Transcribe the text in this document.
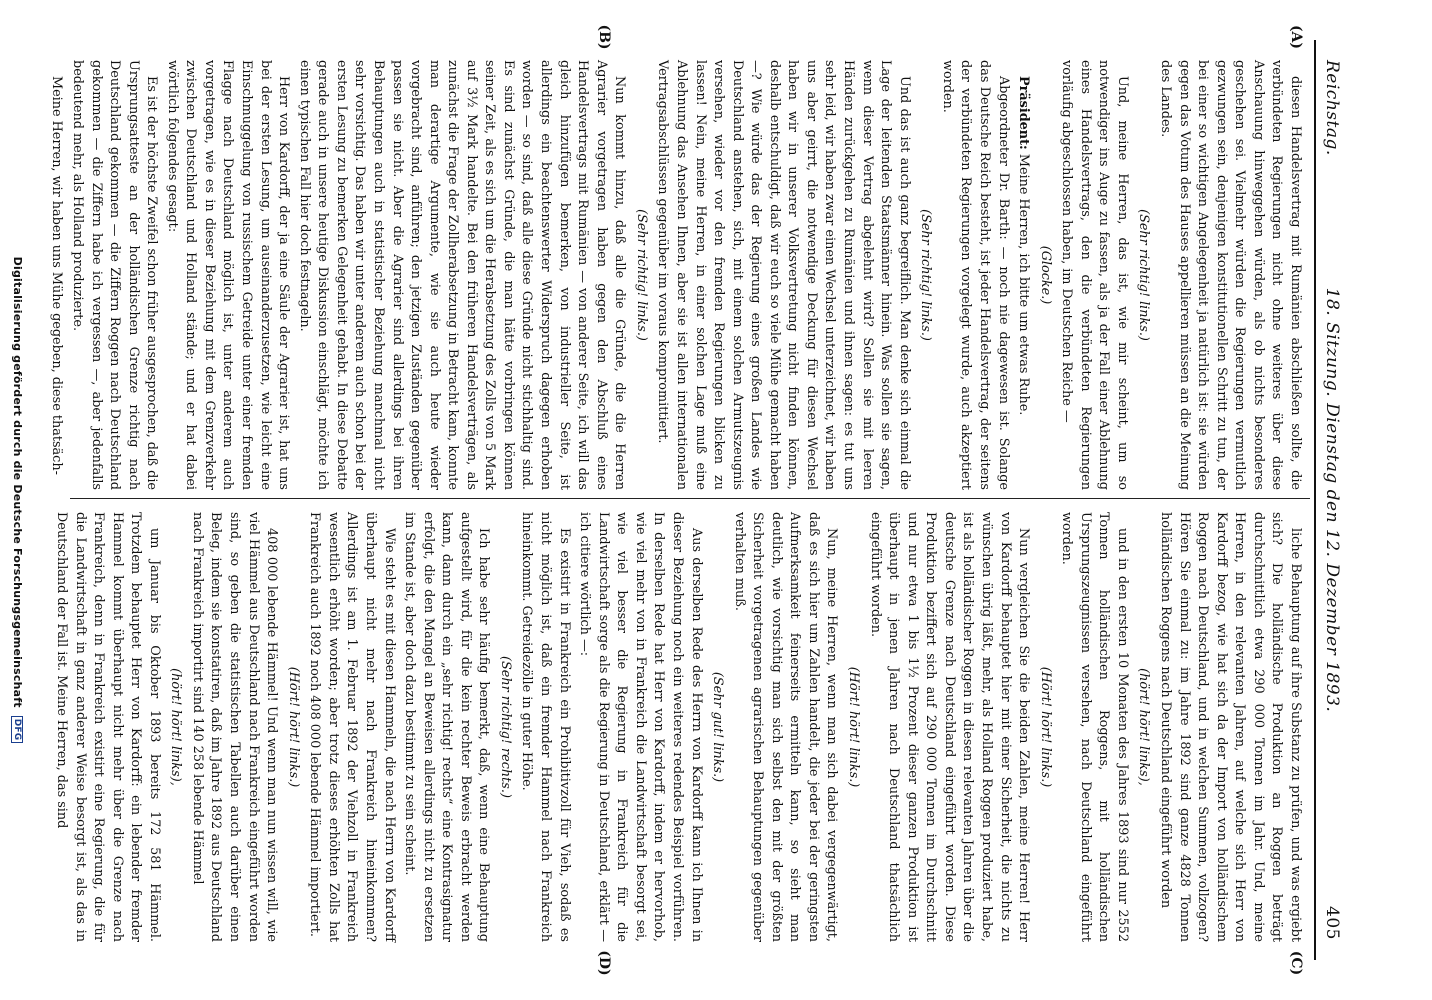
Reichstag.
18. Sitzung. Dienstag den 12. Dezember 1893.
405
(A)
(B)
(C)
(D)

diesen Handelsvertrag mit Rumänien abschließen sollte, die verbündeten Regierungen nicht ohne weiteres über diese Anschauung hinweggehen würden, als ob nichts besonderes geschehen sei. Vielmehr würden die Regierungen vermutlich gezwungen sein, denjenigen konstitutionellen Schritt zu tun, der bei einer so wichtigen Angelegenheit ja natürlich ist: sie würden gegen das Votum des Hauses appellieren müssen an die Meinung des Landes.

(Sehr richtig! links.)

Und, meine Herren, das ist, wie mir scheint, um so notwendiger ins Auge zu fassen, als ja der Fall einer Ablehnung eines Handelsvertrags, den die verbündeten Regierungen vorläufig abgeschlossen haben, im Deutschen Reiche —

(Glocke.)

Präsident: Meine Herren, ich bitte um etwas Ruhe.

Abgeordneter Dr. Barth: — noch nie dagewesen ist. Solange das Deutsche Reich besteht, ist jeder Handelsvertrag, der seitens der verbündeten Regierungen vorgelegt wurde, auch akzeptiert worden.

(Sehr richtig! links.)

Und das ist auch ganz begreiflich. Man denke sich einmal die Lage der leitenden Staatsmänner hinein. Was sollen sie sagen, wenn dieser Vertrag abgelehnt wird? Sollen sie mit leeren Händen zurückgehen zu Rumänien und ihnen sagen: es tut uns sehr leid, wir haben zwar einen Wechsel unterzeichnet, wir haben uns aber geirrt, die notwendige Deckung für diesen Wechsel haben wir in unserer Volksvertretung nicht finden können, deshalb entschuldigt, daß wir euch so viele Mühe gemacht haben —? Wie würde das der Regierung eines großen Landes wie Deutschland anstehen, sich, mit einem solchen Armutszeugnis versehen, wieder vor den fremden Regierungen blicken zu lassen! Nein, meine Herren, in einer solchen Lage muß eine Ablehnung das Ansehen Ihnen, aber sie ist allen internationalen Vertragsabschlüssen gegenüber im voraus kompromittiert.

(Sehr richtig! links.)

Nun kommt hinzu, daß alle die Gründe, die die Herren Agrarier vorgetragen haben gegen den Abschluß eines Handelsvertrags mit Rumänien — von anderer Seite, ich will das gleich hinzufügen bemerken, von industrieller Seite, ist allerdings ein beachtenswerter Widerspruch dagegen erhoben worden — so sind, daß alle diese Gründe nicht stichhaltig sind. Es sind zunächst Gründe, die man hätte vorbringen können seiner Zeit, als es sich um die Herabsetzung des Zolls von 5 Mark auf 3½ Mark handelte. Bei den früheren Handelsverträgen, als zunächst die Frage der Zollherabsetzung in Betracht kam, konnte man derartige Argumente, wie sie auch heute wieder vorgebracht sind, anführen; den jetzigen Zuständen gegenüber passen sie nicht. Aber die Agrarier sind allerdings bei ihren Behauptungen auch in statistischer Beziehung manchmal nicht sehr vorsichtig. Das haben wir unter anderem auch schon bei der ersten Lesung zu bemerken Gelegenheit gehabt. In diese Debatte gerade auch in unsere heutige Diskussion einschlägt, möchte ich einen typischen Fall hier doch festnageln.

Herr von Kardorff, der ja eine Säule der Agrarier ist, hat uns bei der ersten Lesung, um auseinanderzusetzen, wie leicht eine Einschmuggelung von russischem Getreide unter einer fremden Flagge nach Deutschland möglich ist, unter anderem auch vorgetragen, wie es in dieser Beziehung mit dem Grenzverkehr zwischen Deutschland und Holland stände; und er hat dabei wörtlich folgendes gesagt:

Es ist der höchste Zweifel schon früher ausgesprochen, daß die Ursprungsatteste an der holländischen Grenze richtig nach Deutschland gekommen — die Ziffern Roggen nach Deutschland gekommen — die Ziffern habe ich vergessen —, aber jedenfalls bedeutend mehr, als Holland produzierte.

Meine Herren, wir haben uns Mühe gegeben, diese thatsäch-

liche Behauptung auf ihre Substanz zu prüfen, und was ergiebt sich? Die holländische Produktion an Roggen beträgt durchschnittlich etwa 290 000 Tonnen im Jahr. Und, meine Herren, in den relevanten Jahren, auf welche sich Herr von Kardorff bezog, wie hat sich da der Import von holländischem Roggen nach Deutschland, und in welchen Summen, vollzogen? Hören Sie einmal zu: im Jahre 1892 sind ganze 4828 Tonnen holländischen Roggens nach Deutschland eingeführt worden

(hört! hört! links),

und in den ersten 10 Monaten des Jahres 1893 sind nur 2552 Tonnen holländischen Roggens, mit holländischen Ursprungszeugnissen versehen, nach Deutschland eingeführt worden.

(Hört! hört! links.)

Nun vergleichen Sie die beiden Zahlen, meine Herren! Herr von Kardorff behauptet hier mit einer Sicherheit, die nichts zu wünschen übrig läßt, mehr, als Holland Roggen produziert habe, ist als holländischer Roggen in diesen relevanten Jahren über die deutsche Grenze nach Deutschland eingeführt worden. Diese Produktion beziffert sich auf 290 000 Tonnen im Durchschnitt und nur etwa 1 bis 1½ Prozent dieser ganzen Produktion ist überhaupt in jenen Jahren nach Deutschland thatsächlich eingeführt worden.

(Hört! hört! links.)

Nun, meine Herren, wenn man sich dabei vergegenwärtigt, daß es sich hier um Zahlen handelt, die jeder bei der geringsten Aufmerksamkeit feinerseits ermitteln kann, so sieht man deutlich, wie vorsichtig man sich selbst den mit der größten Sicherheit vorgetragenen agrarischen Behauptungen gegenüber verhalten muß.

(Sehr gut! links.)

Aus derselben Rede des Herrn von Kardorff kann ich Ihnen in dieser Beziehung noch ein weiteres redendes Beispiel vorführen. In derselben Rede hat Herr von Kardorff, indem er hervorhob, wie viel mehr von in Frankreich die Landwirtschaft besorgt sei, wie viel besser die Regierung in Frankreich für die Landwirtschaft sorge als die Regierung in Deutschland, erklärt — ich citiere wörtlich —:

Es existirt in Frankreich ein Prohibitivzoll für Vieh, sodaß es nicht möglich ist, daß ein fremder Hammel nach Frankreich hineinkommt. Getreidezölle in guter Höhe.

(Sehr richtig! rechts.)

Ich habe sehr häufig bemerkt, daß, wenn eine Behauptung aufgestellt wird, für die kein rechter Beweis erbracht werden kann, dann durch ein „sehr richtig! rechts“ eine Kontrasignatur erfolgt, die den Mangel an Beweisen allerdings nicht zu ersetzen im Stande ist, aber doch dazu bestimmt zu sein scheint.

Wie steht es mit diesen Hammeln, die nach Herrn von Kardorff überhaupt nicht mehr nach Frankreich hineinkommen? Allerdings ist am 1. Februar 1892 der Viehzoll in Frankreich wesentlich erhöht worden; aber trotz dieses erhöhten Zolls hat Frankreich auch 1892 noch 408 000 lebende Hämmel importiert.

(Hört! hört! links.)

408 000 lebende Hämmel! Und wenn man nun wissen will, wie viel Hämmel aus Deutschland nach Frankreich eingeführt worden sind, so geben die statistischen Tabellen auch darüber einen Beleg, indem sie konstatiren, daß im Jahre 1892 aus Deutschland nach Frankreich importirt sind 140 258 lebende Hämmel

(hört! hört! links),

um Januar bis Oktober 1893 bereits 172 581 Hämmel. Trotzdem behauptet Herr von Kardorff: ein lebender fremder Hammel kommt überhaupt nicht mehr über die Grenze nach Frankreich, denn in Frankreich existirt eine Regierung, die für die Landwirtschaft in ganz anderer Weise besorgt ist, als das in Deutschland der Fall ist. Meine Herren, das sind

Digitalisierung gefördert durch die Deutsche Forschungsgemeinschaft DFG
